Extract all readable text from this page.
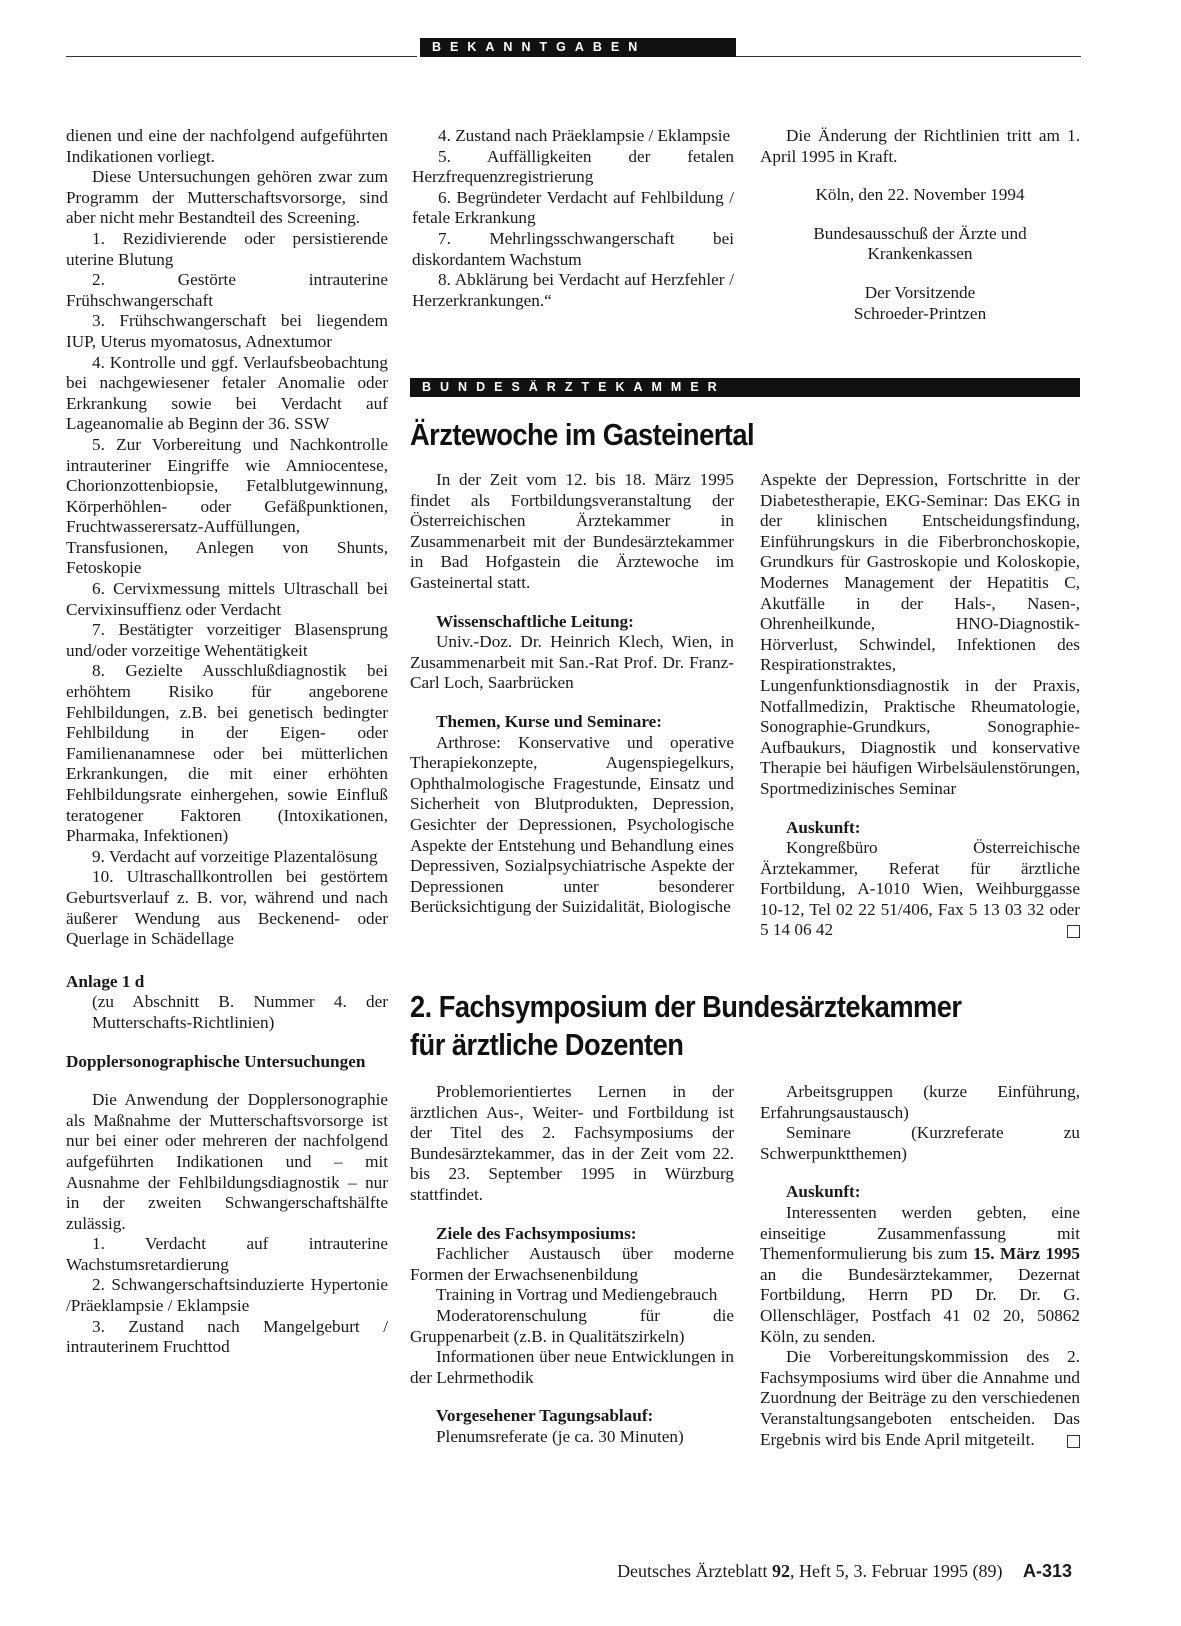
BEKANNTGABEN

dienen und eine der nachfolgend aufgeführten Indikationen vorliegt.

Diese Untersuchungen gehören zwar zum Programm der Mutterschaftsvorsorge, sind aber nicht mehr Bestandteil des Screening.

1. Rezidivierende oder persistierende uterine Blutung

2. Gestörte intrauterine Frühschwangerschaft

3. Frühschwangerschaft bei liegendem IUP, Uterus myomatosus, Adnextumor

4. Kontrolle und ggf. Verlaufsbeobachtung bei nachgewiesener fetaler Anomalie oder Erkrankung sowie bei Verdacht auf Lageanomalie ab Beginn der 36. SSW

5. Zur Vorbereitung und Nachkontrolle intrauteriner Eingriffe wie Amniocentese, Chorionzottenbiopsie, Fetalblutgewinnung, Körperhöhlen- oder Gefäßpunktionen, Fruchtwasserersatz-Auffüllungen, Transfusionen, Anlegen von Shunts, Fetoskopie

6. Cervixmessung mittels Ultraschall bei Cervixinsuffienz oder Verdacht

7. Bestätigter vorzeitiger Blasensprung und/oder vorzeitige Wehentätigkeit

8. Gezielte Ausschlußdiagnostik bei erhöhtem Risiko für angeborene Fehlbildungen, z.B. bei genetisch bedingter Fehlbildung in der Eigen- oder Familienanamnese oder bei mütterlichen Erkrankungen, die mit einer erhöhten Fehlbildungsrate einhergehen, sowie Einfluß teratogener Faktoren (Intoxikationen, Pharmaka, Infektionen)

9. Verdacht auf vorzeitige Plazentalösung

10. Ultraschallkontrollen bei gestörtem Geburtsverlauf z. B. vor, während und nach äußerer Wendung aus Beckenend- oder Querlage in Schädellage

Anlage 1 d

(zu Abschnitt B. Nummer 4. der Mutterschafts-Richtlinien)

Dopplersonographische Untersuchungen

Die Anwendung der Dopplersonographie als Maßnahme der Mutterschaftsvorsorge ist nur bei einer oder mehreren der nachfolgend aufgeführten Indikationen und – mit Ausnahme der Fehlbildungsdiagnostik – nur in der zweiten Schwangerschaftshälfte zulässig.

1. Verdacht auf intrauterine Wachstumsretardierung

2. Schwangerschaftsinduzierte Hypertonie /Präeklampsie / Eklampsie

3. Zustand nach Mangelgeburt / intrauterinem Fruchttod

4. Zustand nach Präeklampsie / Eklampsie

5. Auffälligkeiten der fetalen Herzfrequenzregistrierung

6. Begründeter Verdacht auf Fehlbildung / fetale Erkrankung

7. Mehrlingsschwangerschaft bei diskordantem Wachstum

8. Abklärung bei Verdacht auf Herzfehler / Herzerkrankungen.“

Die Änderung der Richtlinien tritt am 1. April 1995 in Kraft.

Köln, den 22. November 1994

Bundesausschuß der Ärzte und Krankenkassen

Der Vorsitzende

Schroeder-Printzen

BUNDESÄRZTEKAMMER
Ärztewoche im Gasteinertal

In der Zeit vom 12. bis 18. März 1995 findet als Fortbildungsveranstaltung der Österreichischen Ärztekammer in Zusammenarbeit mit der Bundesärztekammer in Bad Hofgastein die Ärztewoche im Gasteinertal statt.

Wissenschaftliche Leitung:

Univ.-Doz. Dr. Heinrich Klech, Wien, in Zusammenarbeit mit San.-Rat Prof. Dr. Franz-Carl Loch, Saarbrücken

Themen, Kurse und Seminare:

Arthrose: Konservative und operative Therapiekonzepte, Augenspiegelkurs, Ophthalmologische Fragestunde, Einsatz und Sicherheit von Blutprodukten, Depression, Gesichter der Depressionen, Psychologische Aspekte der Entstehung und Behandlung eines Depressiven, Sozialpsychiatrische Aspekte der Depressionen unter besonderer Berücksichtigung der Suizidalität, Biologische

Aspekte der Depression, Fortschritte in der Diabetestherapie, EKG-Seminar: Das EKG in der klinischen Entscheidungsfindung, Einführungskurs in die Fiberbronchoskopie, Grundkurs für Gastroskopie und Koloskopie, Modernes Management der Hepatitis C, Akutfälle in der Hals-, Nasen-, Ohrenheilkunde, HNO-Diagnostik-Hörverlust, Schwindel, Infektionen des Respirationstraktes, Lungenfunktionsdiagnostik in der Praxis, Notfallmedizin, Praktische Rheumatologie, Sonographie-Grundkurs, Sonographie-Aufbaukurs, Diagnostik und konservative Therapie bei häufigen Wirbelsäulenstörungen, Sportmedizinisches Seminar

Auskunft:

Kongreßbüro Österreichische Ärztekammer, Referat für ärztliche Fortbildung, A-1010 Wien, Weihburggasse 10-12, Tel 02 22 51/406, Fax 5 13 03 32 oder 5 14 06 42

2. Fachsymposium der Bundesärztekammer
für ärztliche Dozenten

Problemorientiertes Lernen in der ärztlichen Aus-, Weiter- und Fortbildung ist der Titel des 2. Fachsymposiums der Bundesärztekammer, das in der Zeit vom 22. bis 23. September 1995 in Würzburg stattfindet.

Ziele des Fachsymposiums:

Fachlicher Austausch über moderne Formen der Erwachsenenbildung

Training in Vortrag und Mediengebrauch

Moderatorenschulung für die Gruppenarbeit (z.B. in Qualitätszirkeln)

Informationen über neue Entwicklungen in der Lehrmethodik

Vorgesehener Tagungsablauf:

Plenumsreferate (je ca. 30 Minuten)

Arbeitsgruppen (kurze Einführung, Erfahrungsaustausch)

Seminare (Kurzreferate zu Schwerpunktthemen)

Auskunft:

Interessenten werden gebten, eine einseitige Zusammenfassung mit Themenformulierung bis zum 15. März 1995 an die Bundesärztekammer, Dezernat Fortbildung, Herrn PD Dr. Dr. G. Ollenschläger, Postfach 41 02 20, 50862 Köln, zu senden.

Die Vorbereitungskommission des 2. Fachsymposiums wird über die Annahme und Zuordnung der Beiträge zu den verschiedenen Veranstaltungsangeboten entscheiden. Das Ergebnis wird bis Ende April mitgeteilt.

Deutsches Ärzteblatt 92, Heft 5, 3. Februar 1995 (89) A-313
